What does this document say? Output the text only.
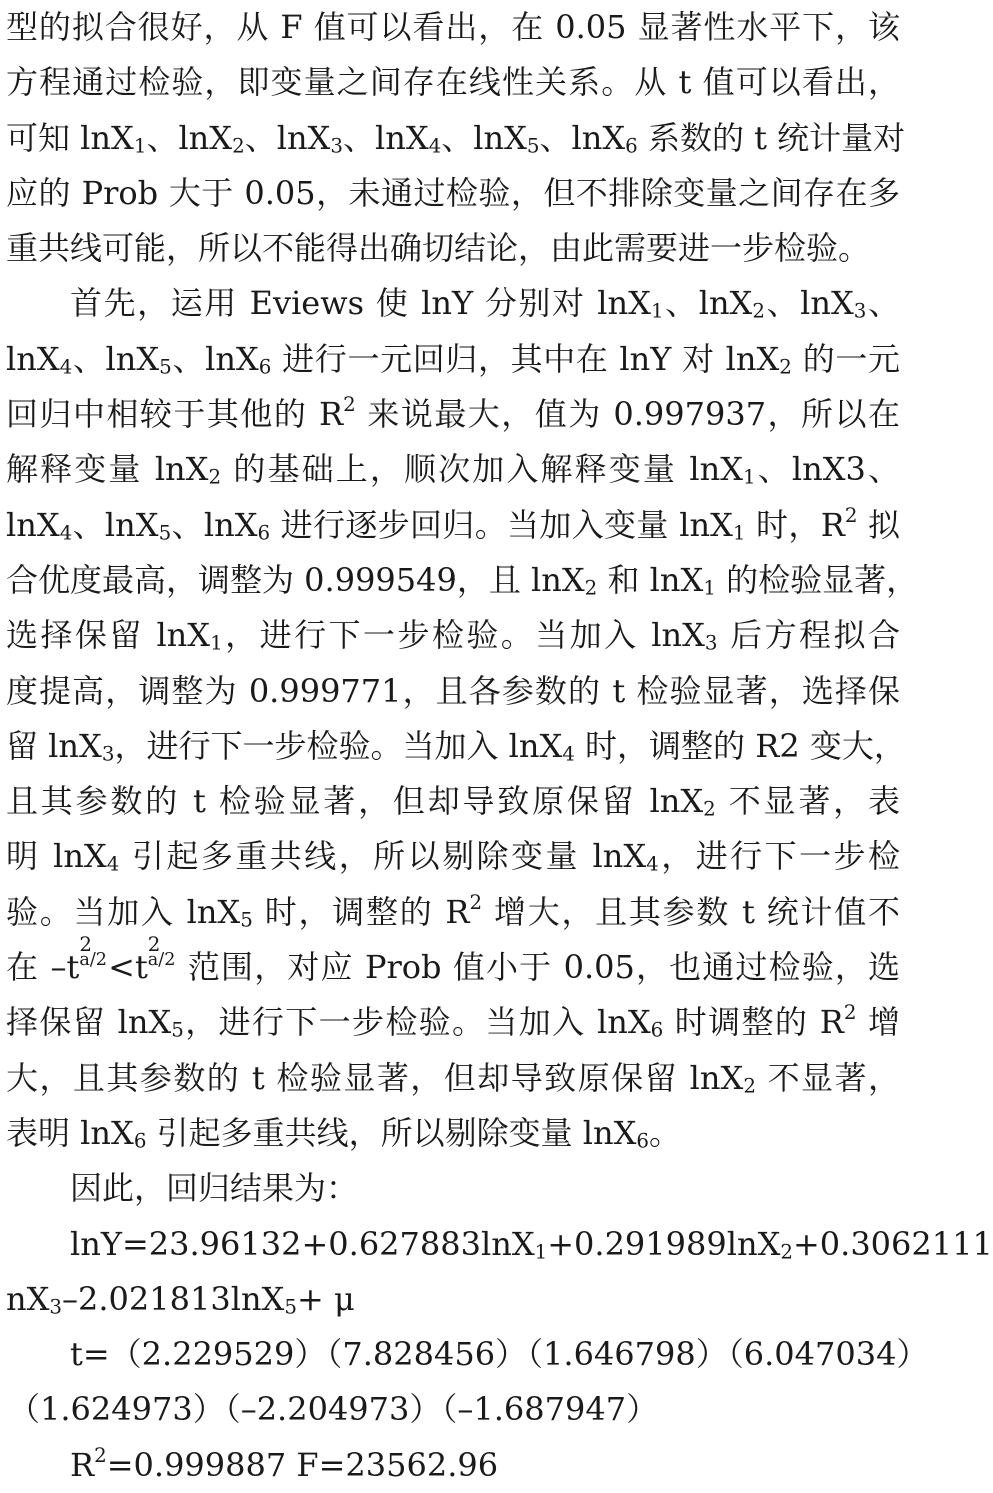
型的拟合很好，从 F 值可以看出，在 0.05 显著性水平下，该
方程通过检验，即变量之间存在线性关系。从 t 值可以看出，
可知 lnX$_1$、lnX$_2$、lnX$_3$、lnX$_4$、lnX$_5$、lnX$_6$ 系数的 t 统计量对
应的 Prob 大于 0.05，未通过检验，但不排除变量之间存在多
重共线可能，所以不能得出确切结论，由此需要进一步检验。
首先，运用 Eviews 使 lnY 分别对 lnX$_1$、lnX$_2$、lnX$_3$、
lnX$_4$、lnX$_5$、lnX$_6$ 进行一元回归，其中在 lnY 对 lnX$_2$ 的一元
回归中相较于其他的 $R^2$ 来说最大，值为 0.997937，所以在
解释变量 lnX$_2$ 的基础上，顺次加入解释变量 lnX$_1$、lnX3、
lnX$_4$、lnX$_5$、lnX$_6$ 进行逐步回归。当加入变量 lnX$_1$ 时，$R^2$ 拟
合优度最高，调整为 0.999549，且 lnX$_2$ 和 lnX$_1$ 的检验显著，
选择保留 lnX$_1$，进行下一步检验。当加入 lnX$_3$ 后方程拟合
度提高，调整为 0.999771，且各参数的 t 检验显著，选择保
留 lnX$_3$，进行下一步检验。当加入 lnX$_4$ 时，调整的 R2 变大，
且其参数的 t 检验显著，但却导致原保留 lnX$_2$ 不显著，表
明 lnX$_4$ 引起多重共线，所以剔除变量 lnX$_4$，进行下一步检
验。当加入 lnX$_5$ 时，调整的 $R^2$ 增大，且其参数 t 统计值不
在 –t
2
a/2 <t
2
a/2 范围，对应 Prob 值小于 0.05，也通过检验，选
择保留 lnX$_5$，进行下一步检验。当加入 lnX$_6$ 时调整的 $R^2$ 增
大，且其参数的 t 检验显著，但却导致原保留 lnX$_2$ 不显著，
表明 lnX$_6$ 引起多重共线，所以剔除变量 lnX$_6$。
因此，回归结果为：
lnY=23.96132+0.627883lnX$_1$+0.291989lnX$_2$+0.3062111
$nX_3-2.021813\ln X_5+ \mu$
t=（2.229529）（7.828456）（1.646798）（6.047034）
（1.624973）（–2.204973）（–1.687947）
$R^2=0.999887$ F=23562.96
